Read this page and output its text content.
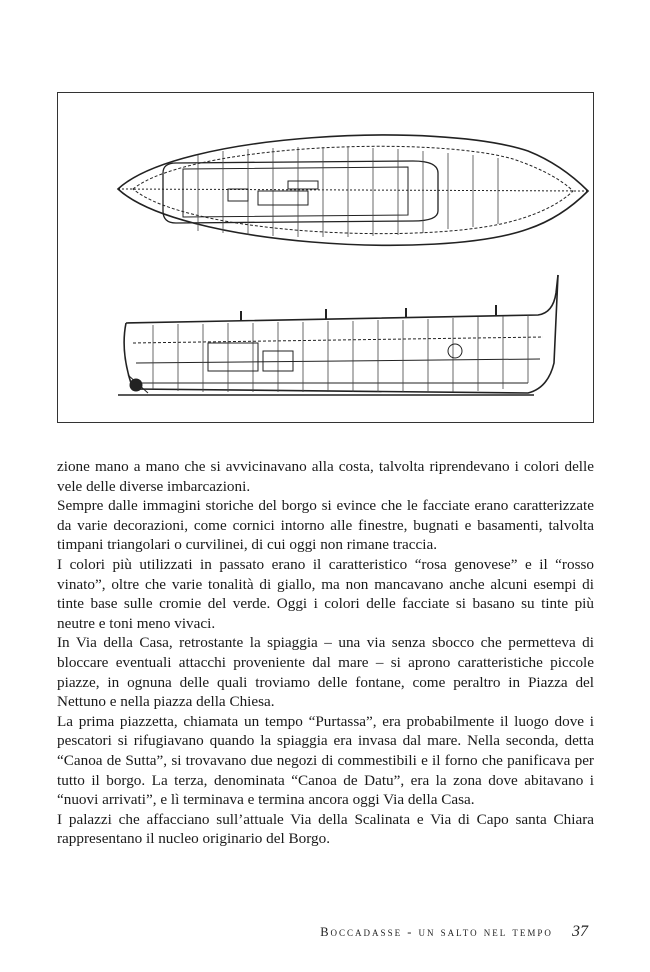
zione mano a mano che si avvicinavano alla costa, talvolta riprendevano i colori delle vele delle diverse imbarcazioni.

Sempre dalle immagini storiche del borgo si evince che le facciate erano caratterizzate da varie decorazioni, come cornici intorno alle finestre, bugnati e basamenti, talvolta timpani triangolari o curvilinei, di cui oggi non rimane traccia.

I colori più utilizzati in passato erano il caratteristico “rosa genovese” e il “rosso vinato”, oltre che varie tonalità di giallo, ma non mancavano anche alcuni esempi di tinte base sulle cromie del verde. Oggi i colori delle facciate si basano su tinte più neutre e toni meno vivaci.

In Via della Casa, retrostante la spiaggia – una via senza sbocco che permetteva di bloccare eventuali attacchi proveniente dal mare – si aprono caratteristiche piccole piazze, in ognuna delle quali troviamo delle fontane, come peraltro in Piazza del Nettuno e nella piazza della Chiesa.

La prima piazzetta, chiamata un tempo “Purtassa”, era probabilmente il luogo dove i pescatori si rifugiavano quando la spiaggia era invasa dal mare. Nella seconda, detta “Canoa de Sutta”, si trovavano due negozi di commestibili e il forno che panificava per tutto il borgo. La terza, denominata “Canoa de Datu”, era la zona dove abitavano i “nuovi arrivati”, e lì terminava e termina ancora oggi Via della Casa.

I palazzi che affacciano sull’attuale Via della Scalinata e Via di Capo santa Chiara rappresentano il nucleo originario del Borgo.

Boccadasse - un salto nel tempo 37
